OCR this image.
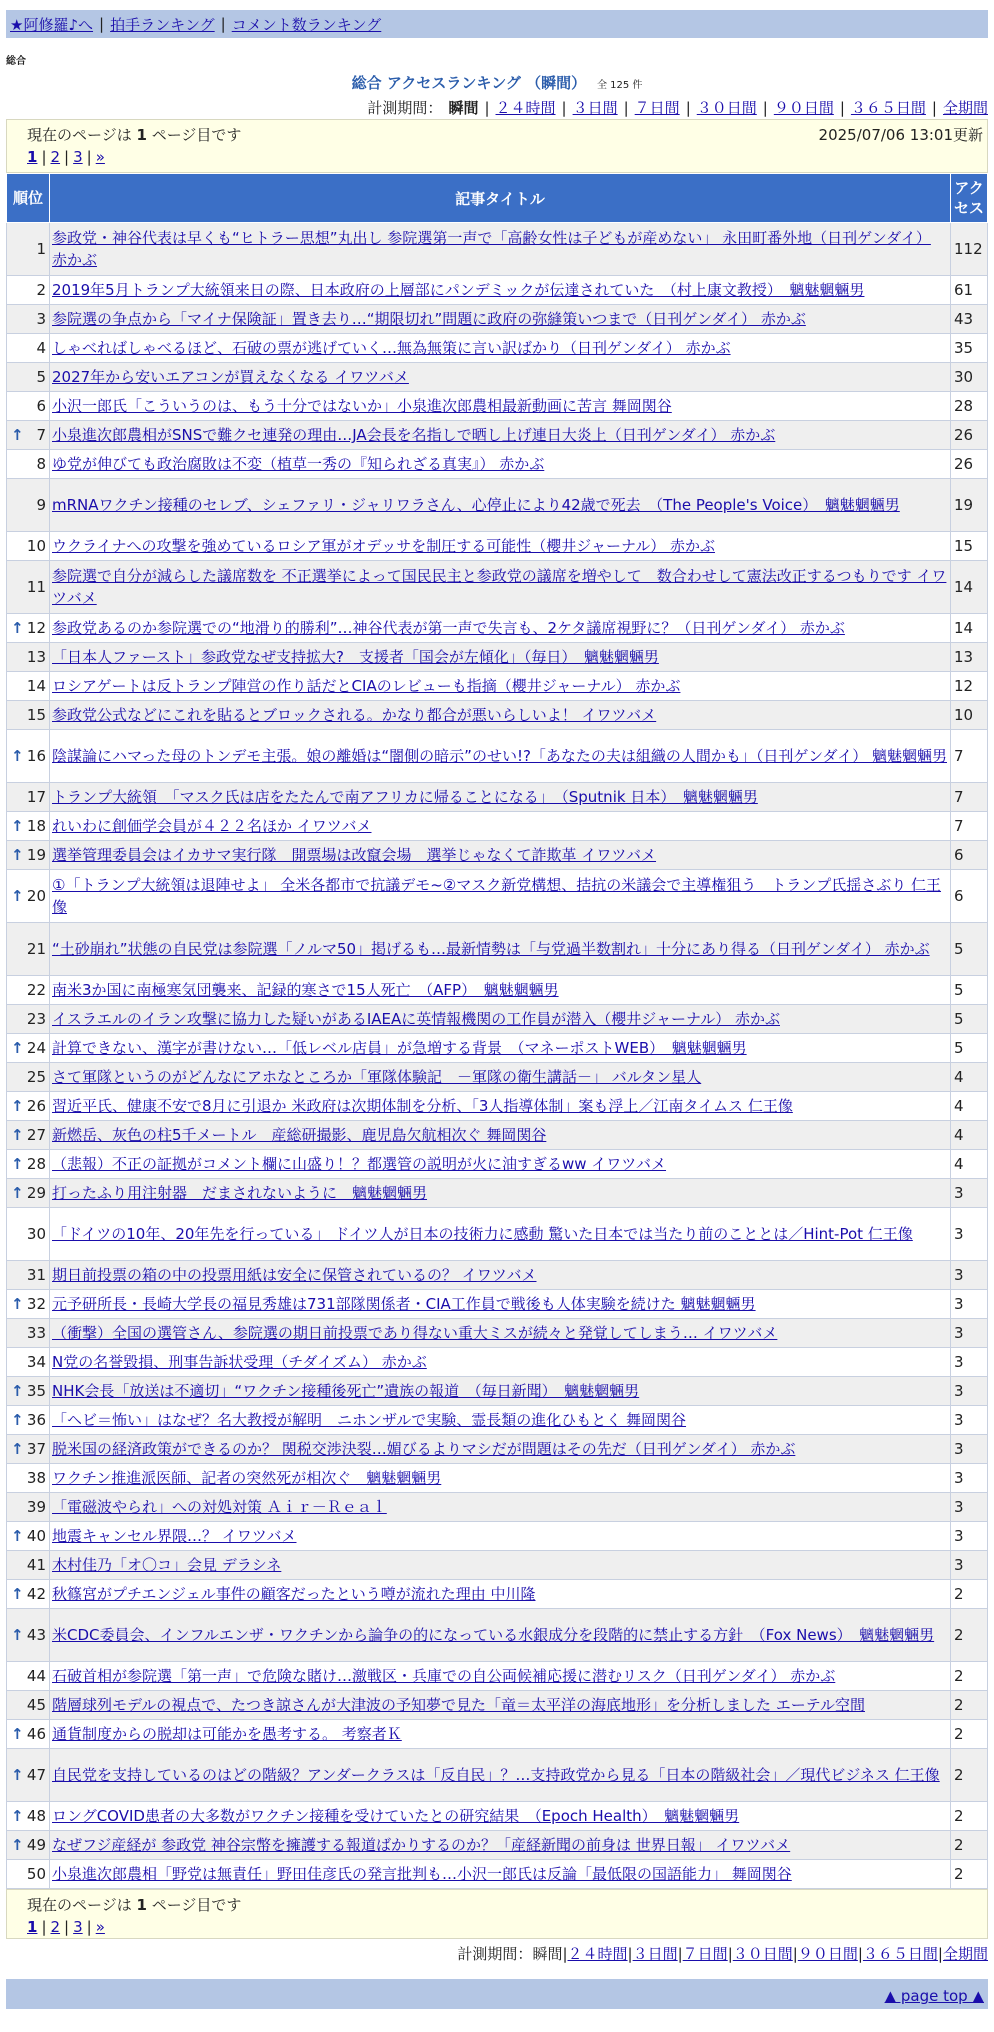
★阿修羅♪へ | 拍手ランキング | コメント数ランキング
総合
総合 アクセスランキング （瞬間） 全 125 件
計測期間： 瞬間 | ２４時間 | ３日間 | ７日間 | ３０日間 | ９０日間 | ３６５日間 | 全期間
現在のページは 1 ページ目です	2025/07/06 13:01更新
1 | 2 | 3 | »
順位	記事タイトル	アクセス
1	参政党・神谷代表は早くも“ヒトラー思想”丸出し 参院選第一声で「高齢女性は子どもが産めない」 永田町番外地（日刊ゲンダイ） 赤かぶ	112
2	2019年5月トランプ大統領来日の際、日本政府の上層部にパンデミックが伝達されていた　（村上康文教授）　魑魅魍魎男	61
3	参院選の争点から「マイナ保険証」置き去り…“期限切れ”問題に政府の弥縫策いつまで（日刊ゲンダイ） 赤かぶ	43
4	しゃべればしゃべるほど、石破の票が逃げていく…無為無策に言い訳ばかり（日刊ゲンダイ） 赤かぶ	35
5	2027年から安いエアコンが買えなくなる イワツバメ	30
6	小沢一郎氏「こういうのは、もう十分ではないか」小泉進次郎農相最新動画に苦言 舞岡関谷	28

↑ 7	小泉進次郎農相がSNSで難クセ連発の理由…JA会長を名指しで晒し上げ連日大炎上（日刊ゲンダイ） 赤かぶ	26
8	ゆ党が伸びても政治腐敗は不変（植草一秀の『知られざる真実』） 赤かぶ	26
9	mRNAワクチン接種のセレブ、シェファリ・ジャリワラさん、心停止により42歳で死去　（The People's Voice）　魑魅魍魎男	19
10	ウクライナへの攻撃を強めているロシア軍がオデッサを制圧する可能性（櫻井ジャーナル） 赤かぶ	15
11	参院選で自分が減らした議席数を 不正選挙によって国民民主と参政党の議席を増やして　数合わせして憲法改正するつもりです イワツバメ	14

↑ 12	参政党あるのか参院選での“地滑り的勝利”…神谷代表が第一声で失言も、2ケタ議席視野に？（日刊ゲンダイ） 赤かぶ	14
13	「日本人ファースト」参政党なぜ支持拡大?　支援者「国会が左傾化」（毎日）　魑魅魍魎男	13
14	ロシアゲートは反トランプ陣営の作り話だとCIAのレビューも指摘（櫻井ジャーナル） 赤かぶ	12
15	参政党公式などにこれを貼るとブロックされる。かなり都合が悪いらしいよ！ イワツバメ	10

↑ 16	陰謀論にハマった母のトンデモ主張。娘の離婚は“闇側の暗示”のせい!?「あなたの夫は組織の人間かも」（日刊ゲンダイ） 魑魅魍魎男	7
17	トランプ大統領　「マスク氏は店をたたんで南アフリカに帰ることになる」　（Sputnik 日本）　魑魅魍魎男	7

↑ 18	れいわに創価学会員が４２２名ほか イワツバメ	7

↑ 19	選挙管理委員会はイカサマ実行隊　開票場は改竄会場　選挙じゃなくて詐欺革 イワツバメ	6

↑ 20	①「トランプ大統領は退陣せよ」 全米各都市で抗議デモ~②マスク新党構想、拮抗の米議会で主導権狙う　トランプ氏揺さぶり 仁王像	6
21	“土砂崩れ”状態の自民党は参院選「ノルマ50」掲げるも…最新情勢は「与党過半数割れ」十分にあり得る（日刊ゲンダイ） 赤かぶ	5
22	南米3か国に南極寒気団襲来、記録的寒さで15人死亡　（AFP）　魑魅魍魎男	5
23	イスラエルのイラン攻撃に協力した疑いがあるIAEAに英情報機関の工作員が潜入（櫻井ジャーナル） 赤かぶ	5

↑ 24	計算できない、漢字が書けない…「低レベル店員」が急増する背景　（マネーポストWEB）　魑魅魍魎男	5
25	さて軍隊というのがどんなにアホなところか「軍隊体験記　－軍隊の衛生講話－」 バルタン星人	4

↑ 26	習近平氏、健康不安で8月に引退か 米政府は次期体制を分析、「3人指導体制」案も浮上／江南タイムス 仁王像	4

↑ 27	新燃岳、灰色の柱5千メートル　産総研撮影、鹿児島欠航相次ぐ 舞岡関谷	4

↑ 28	（悲報）不正の証拠がコメント欄に山盛り！？都選管の説明が火に油すぎるww イワツバメ	4

↑ 29	打ったふり用注射器　だまされないように　魑魅魍魎男	3
30	「ドイツの10年、20年先を行っている」 ドイツ人が日本の技術力に感動 驚いた日本では当たり前のこととは／Hint-Pot 仁王像	3
31	期日前投票の箱の中の投票用紙は安全に保管されているの？ イワツバメ	3

↑ 32	元予研所長・長崎大学長の福見秀雄は731部隊関係者・CIA工作員で戦後も人体実験を続けた 魑魅魍魎男	3
33	（衝撃）全国の選管さん、参院選の期日前投票であり得ない重大ミスが続々と発覚してしまう… イワツバメ	3
34	N党の名誉毀損、刑事告訴状受理（チダイズム） 赤かぶ	3

↑ 35	NHK会長「放送は不適切」“ワクチン接種後死亡”遺族の報道　（毎日新聞）　魑魅魍魎男	3

↑ 36	「ヘビ＝怖い」はなぜ？名大教授が解明　ニホンザルで実験、霊長類の進化ひもとく 舞岡関谷	3

↑ 37	脱米国の経済政策ができるのか？ 関税交渉決裂…媚びるよりマシだが問題はその先だ（日刊ゲンダイ） 赤かぶ	3
38	ワクチン推進派医師、記者の突然死が相次ぐ　魑魅魍魎男	3
39	「電磁波やられ」への対処対策 Ａｉｒ－Ｒｅａｌ	3

↑ 40	地震キャンセル界隈…？ イワツバメ	3
41	木村佳乃「オ〇コ」会見 デラシネ	3

↑ 42	秋篠宮がプチエンジェル事件の顧客だったという噂が流れた理由 中川隆	2

↑ 43	米CDC委員会、インフルエンザ・ワクチンから論争の的になっている水銀成分を段階的に禁止する方針　（Fox News）　魑魅魍魎男	2
44	石破首相が参院選「第一声」で危険な賭け…激戦区・兵庫での自公両候補応援に潜むリスク（日刊ゲンダイ） 赤かぶ	2
45	階層球列モデルの視点で、たつき諒さんが大津波の予知夢で見た「竜＝太平洋の海底地形」を分析しました エーテル空間	2

↑ 46	通貨制度からの脱却は可能かを愚考する。 考察者Ｋ	2

↑ 47	自民党を支持しているのはどの階級？アンダークラスは「反自民」？…支持政党から見る「日本の階級社会」／現代ビジネス 仁王像	2

↑ 48	ロングCOVID患者の大多数がワクチン接種を受けていたとの研究結果　（Epoch Health）　魑魅魍魎男	2

↑ 49	なぜフジ産経が 参政党 神谷宗幣を擁護する報道ばかりするのか？「産経新聞の前身は 世界日報」 イワツバメ	2
50	小泉進次郎農相「野党は無責任」野田佳彦氏の発言批判も…小沢一郎氏は反論「最低限の国語能力」 舞岡関谷	2
現在のページは 1 ページ目です
1 | 2 | 3 | »
計測期間：瞬間|２４時間|３日間|７日間|３０日間|９０日間|３６５日間|全期間
▲ page top ▲
